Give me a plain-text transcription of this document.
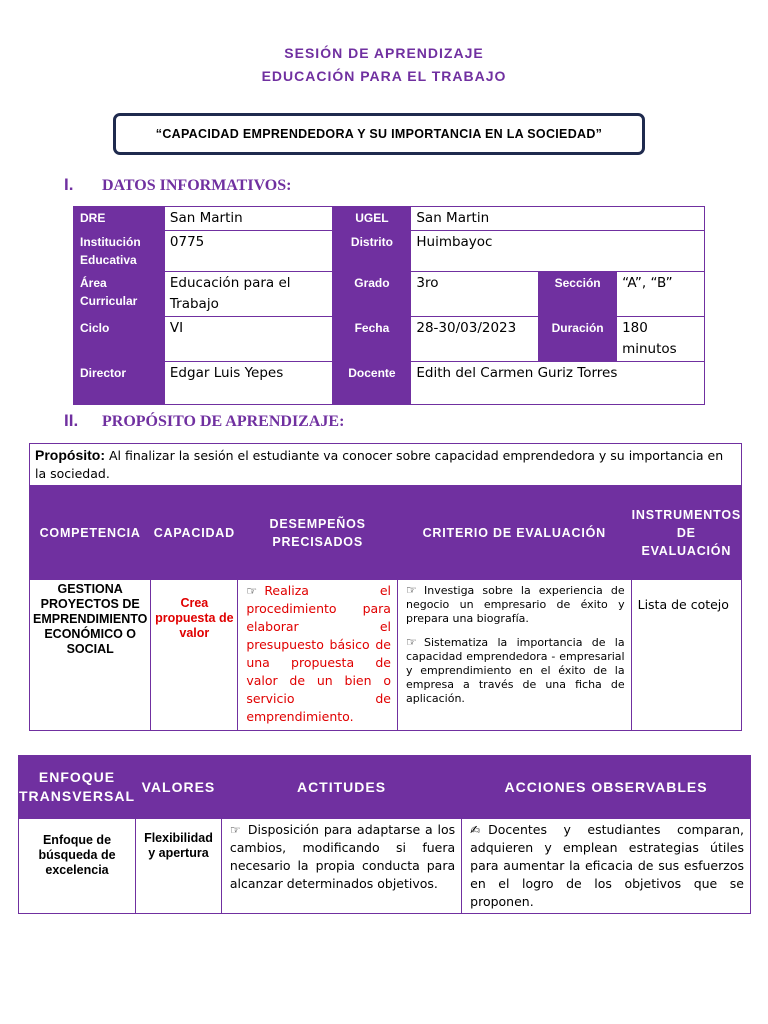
SESIÓN DE APRENDIZAJE
EDUCACIÓN PARA EL TRABAJO
“CAPACIDAD EMPRENDEDORA Y SU IMPORTANCIA EN LA SOCIEDAD”
I. DATOS INFORMATIVOS:
DRE	San Martin	UGEL	San Martin		
Institución Educativa	0775	Distrito	Huimbayoc		
Área Curricular	Educación para el Trabajo	Grado	3ro	Sección	“A”, “B”
Ciclo	VI	Fecha	28-30/03/2023	Duración	180 minutos
Director	Edgar Luis Yepes	Docente	Edith del Carmen Guriz Torres		
II. PROPÓSITO DE APRENDIZAJE:
Propósito: Al finalizar la sesión el estudiante va conocer sobre capacidad emprendedora y su importancia en la sociedad.				
COMPETENCIA	CAPACIDAD	DESEMPEÑOS PRECISADOS	CRITERIO DE EVALUACIÓN	INSTRUMENTOS DE EVALUACIÓN
GESTIONA PROYECTOS DE EMPRENDIMIENTO ECONÓMICO O SOCIAL	Crea propuesta de valor	☞ Realiza el procedimiento para elaborar el presupuesto básico de una propuesta de valor de un bien o servicio de emprendimiento.	☞ Investiga sobre la experiencia de negocio un empresario de éxito y prepara una biografía.

☞ Sistematiza la importancia de la capacidad emprendedora - empresarial y emprendimiento en el éxito de la empresa a través de una ficha de aplicación.	Lista de cotejo
ENFOQUE TRANSVERSAL	VALORES	ACTITUDES	ACCIONES OBSERVABLES
Enfoque de búsqueda de excelencia	Flexibilidad y apertura	☞ Disposición para adaptarse a los cambios, modificando si fuera necesario la propia conducta para alcanzar determinados objetivos.	✍ Docentes y estudiantes comparan, adquieren y emplean estrategias útiles para aumentar la eficacia de sus esfuerzos en el logro de los objetivos que se proponen.
